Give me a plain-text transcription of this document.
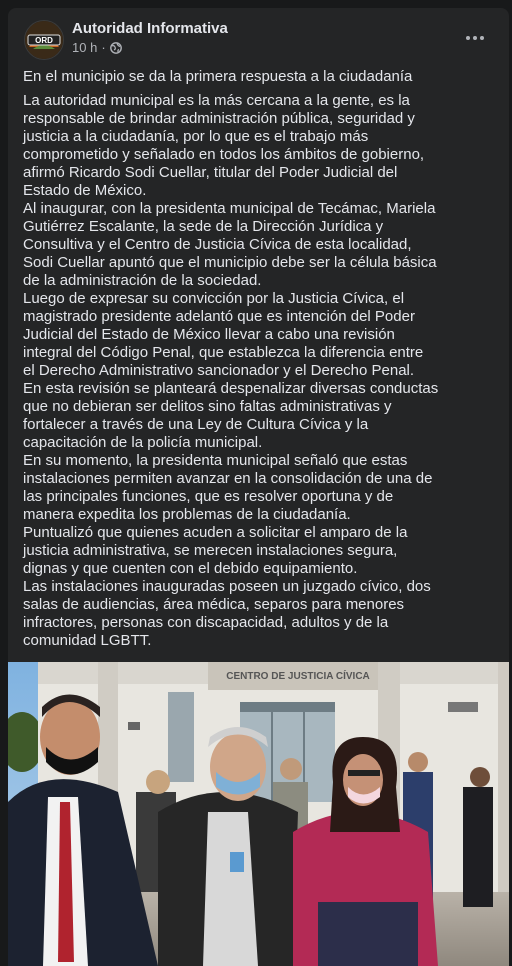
ORD
Autoridad Informativa
10 h ·

En el municipio se da la primera respuesta a la ciudadanía

La autoridad municipal es la más cercana a la gente, es la

responsable de brindar administración pública, seguridad y

justicia a la ciudadanía, por lo que es el trabajo más

comprometido y señalado en todos los ámbitos de gobierno,

afirmó Ricardo Sodi Cuellar, titular del Poder Judicial del

Estado de México.

Al inaugurar, con la presidenta municipal de Tecámac, Mariela

Gutiérrez Escalante, la sede de la Dirección Jurídica y

Consultiva y el Centro de Justicia Cívica de esta localidad,

Sodi Cuellar apuntó que el municipio debe ser la célula básica

de la administración de la sociedad.

Luego de expresar su convicción por la Justicia Cívica, el

magistrado presidente adelantó que es intención del Poder

Judicial del Estado de México llevar a cabo una revisión

integral del Código Penal, que establezca la diferencia entre

el Derecho Administrativo sancionador y el Derecho Penal.

En esta revisión se planteará despenalizar diversas conductas

que no debieran ser delitos sino faltas administrativas y

fortalecer a través de una Ley de Cultura Cívica y la

capacitación de la policía municipal.

En su momento, la presidenta municipal señaló que estas

instalaciones permiten avanzar en la consolidación de una de

las principales funciones, que es resolver oportuna y de

manera expedita los problemas de la ciudadanía.

Puntualizó que quienes acuden a solicitar el amparo de la

justicia administrativa, se merecen instalaciones segura,

dignas y que cuenten con el debido equipamiento.

Las instalaciones inauguradas poseen un juzgado cívico, dos

salas de audiencias, área médica, separos para menores

infractores, personas con discapacidad, adultos y de la

comunidad LGBTT.

CENTRO DE JUSTICIA CÍVICA
